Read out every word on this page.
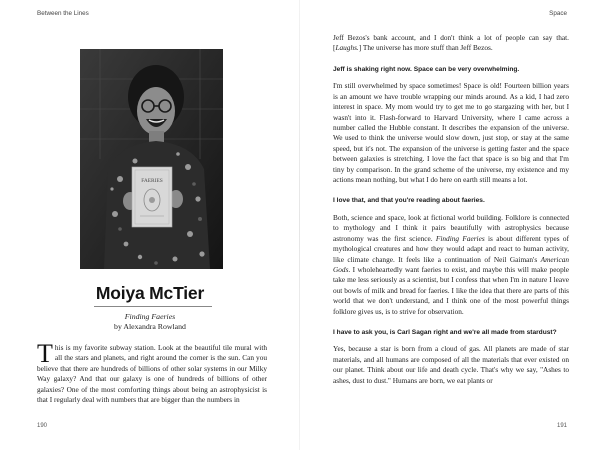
Between the Lines
FAERIES
Moiya McTier
Finding Faeries
by Alexandra Rowland
This is my favorite subway station. Look at the beautiful tile mural with all the stars and planets, and right around the corner is the sun. Can you believe that there are hundreds of billions of other solar systems in our Milky Way galaxy? And that our galaxy is one of hundreds of billions of other galaxies? One of the most comforting things about being an astrophysicist is that I regularly deal with numbers that are bigger than the numbers in
190
Space

Jeff Bezos's bank account, and I don't think a lot of people can say that. [Laughs.] The universe has more stuff than Jeff Bezos.

Jeff is shaking right now. Space can be very overwhelming.

I'm still overwhelmed by space sometimes! Space is old! Fourteen billion years is an amount we have trouble wrapping our minds around. As a kid, I had zero interest in space. My mom would try to get me to go stargazing with her, but I wasn't into it. Flash-forward to Harvard University, where I came across a number called the Hubble constant. It describes the expansion of the universe. We used to think the universe would slow down, just stop, or stay at the same speed, but it's not. The expansion of the universe is getting faster and the space between galaxies is stretching. I love the fact that space is so big and that I'm tiny by comparison. In the grand scheme of the universe, my existence and my actions mean nothing, but what I do here on earth still means a lot.

I love that, and that you're reading about faeries.

Both, science and space, look at fictional world building. Folklore is connected to mythology and I think it pairs beautifully with astrophysics because astronomy was the first science. Finding Faeries is about different types of mythological creatures and how they would adapt and react to human activity, like climate change. It feels like a continuation of Neil Gaiman's American Gods. I wholeheartedly want faeries to exist, and maybe this will make people take me less seriously as a scientist, but I confess that when I'm in nature I leave out bowls of milk and bread for faeries. I like the idea that there are parts of this world that we don't understand, and I think one of the most powerful things folklore gives us, is to strive for observation.

I have to ask you, is Carl Sagan right and we're all made from stardust?

Yes, because a star is born from a cloud of gas. All planets are made of star materials, and all humans are composed of all the materials that ever existed on our planet. Think about our life and death cycle. That's why we say, "Ashes to ashes, dust to dust." Humans are born, we eat plants or

191
